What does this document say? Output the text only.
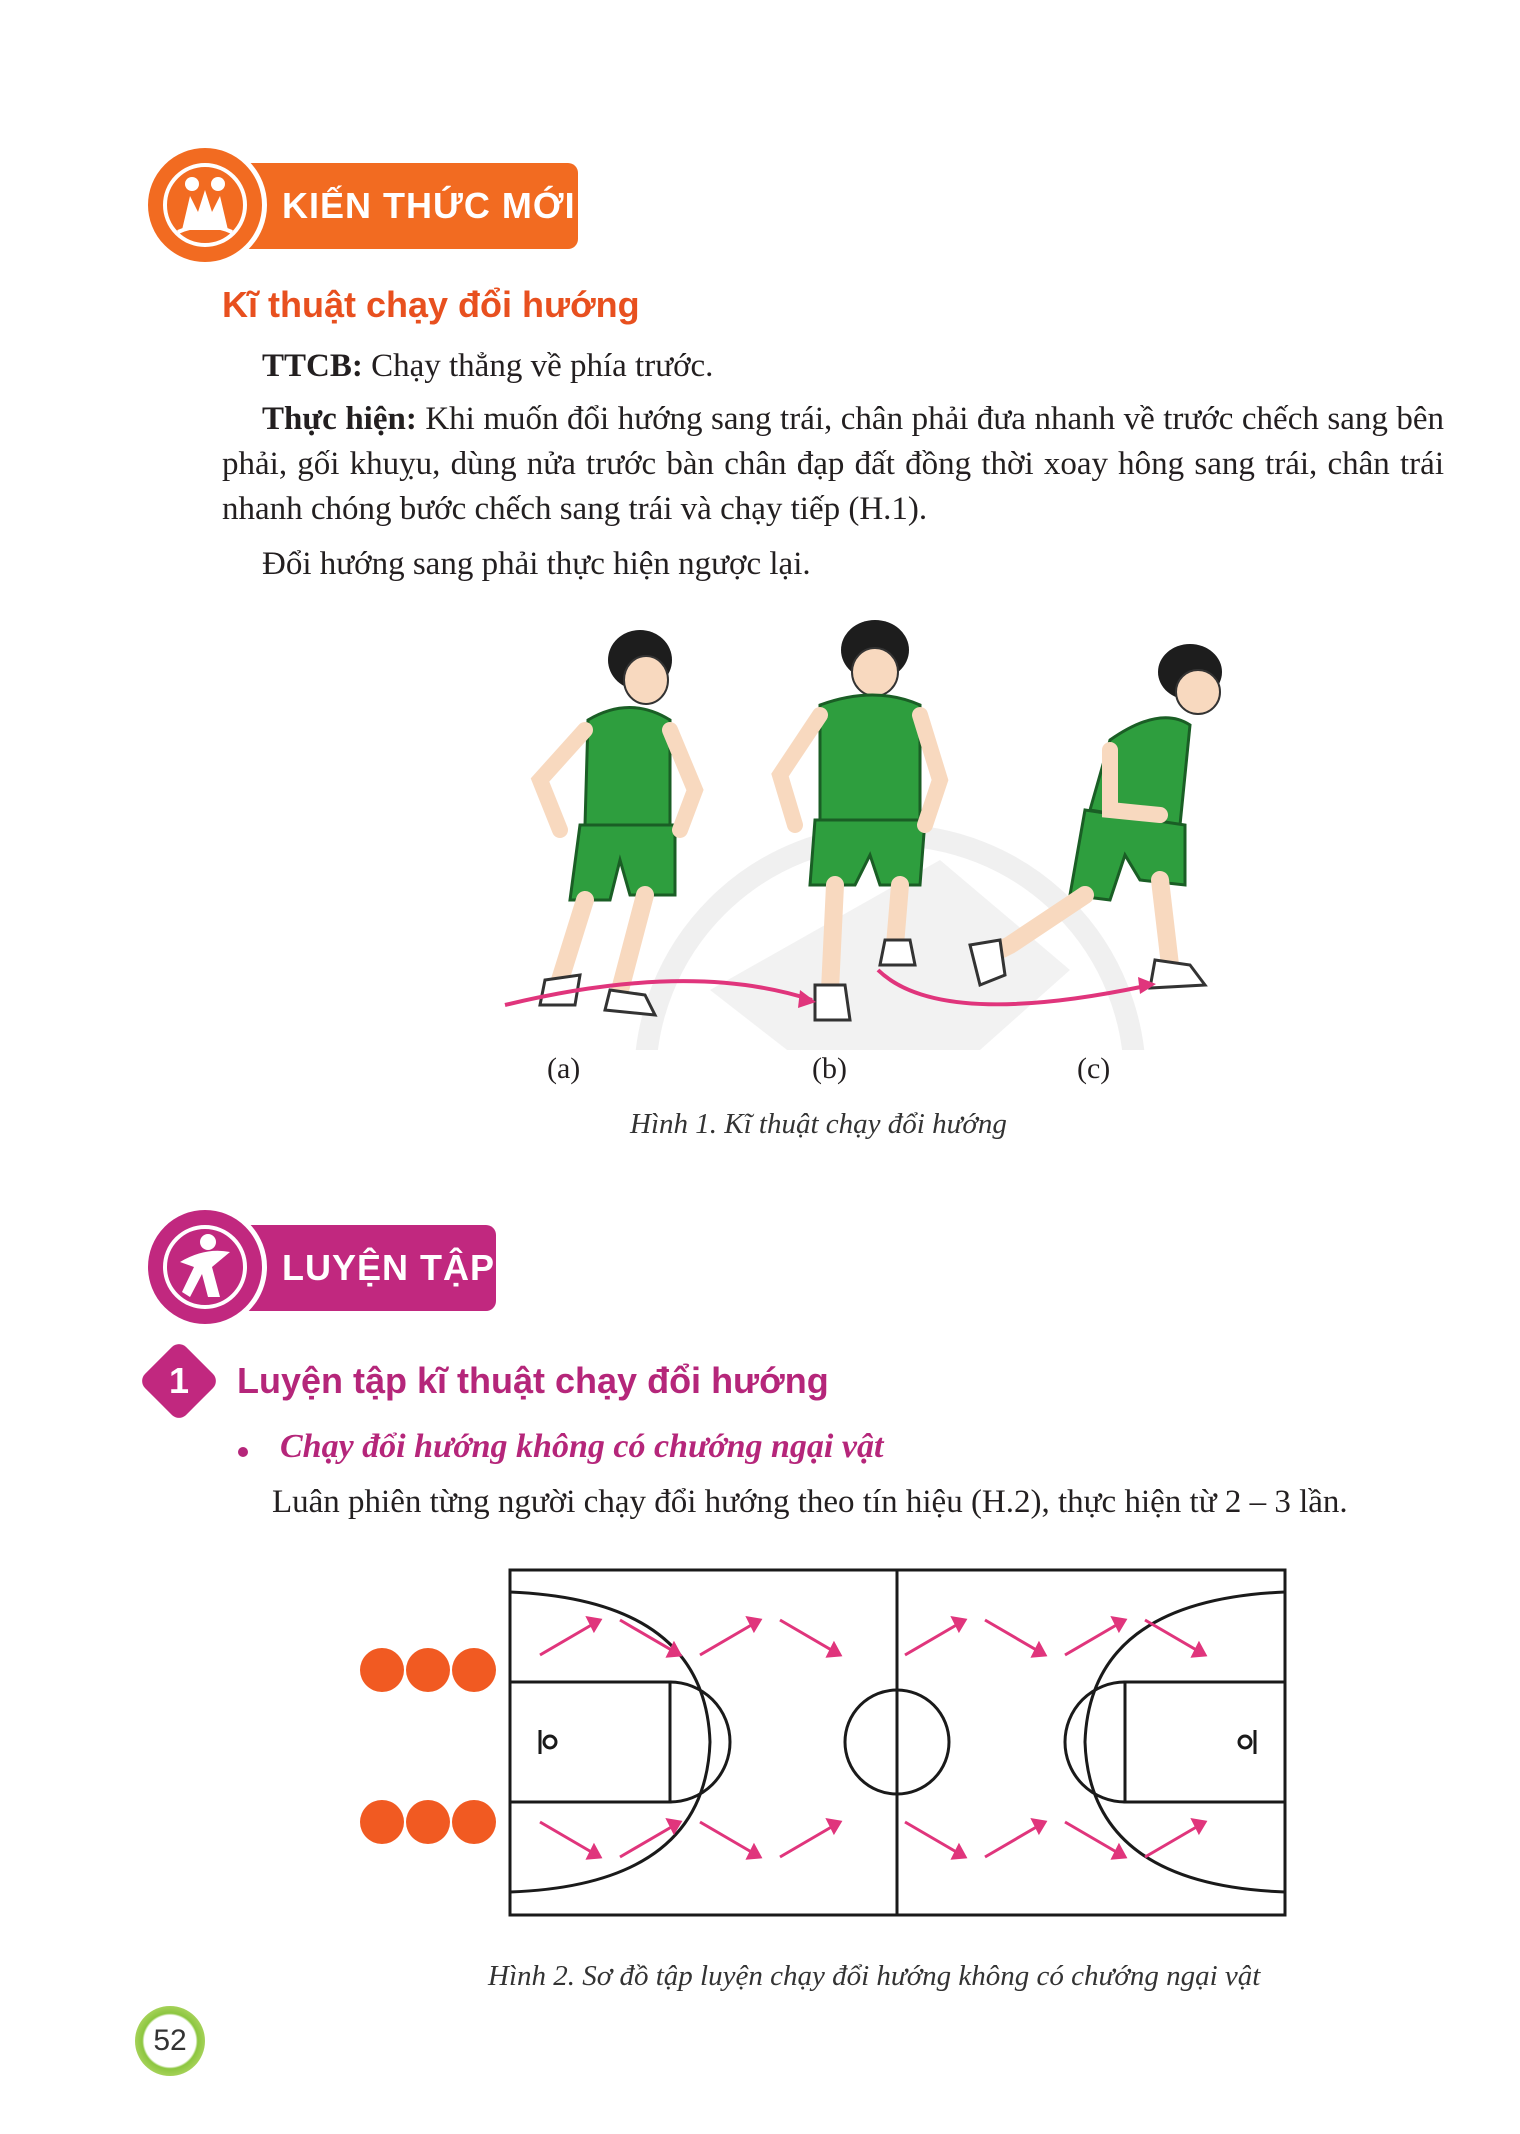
KIẾN THỨC MỚI
Kĩ thuật chạy đổi hướng
TTCB: Chạy thẳng về phía trước.
Thực hiện: Khi muốn đổi hướng sang trái, chân phải đưa nhanh về trước chếch sang bên phải, gối khuỵu, dùng nửa trước bàn chân đạp đất đồng thời xoay hông sang trái, chân trái nhanh chóng bước chếch sang trái và chạy tiếp (H.1).
Đổi hướng sang phải thực hiện ngược lại.
(a)	(b)	(c)
Hình 1. Kĩ thuật chạy đổi hướng
LUYỆN TẬP
1	Luyện tập kĩ thuật chạy đổi hướng
Chạy đổi hướng không có chướng ngại vật
Luân phiên từng người chạy đổi hướng theo tín hiệu (H.2), thực hiện từ 2 – 3 lần.
Hình 2. Sơ đồ tập luyện chạy đổi hướng không có chướng ngại vật
52
